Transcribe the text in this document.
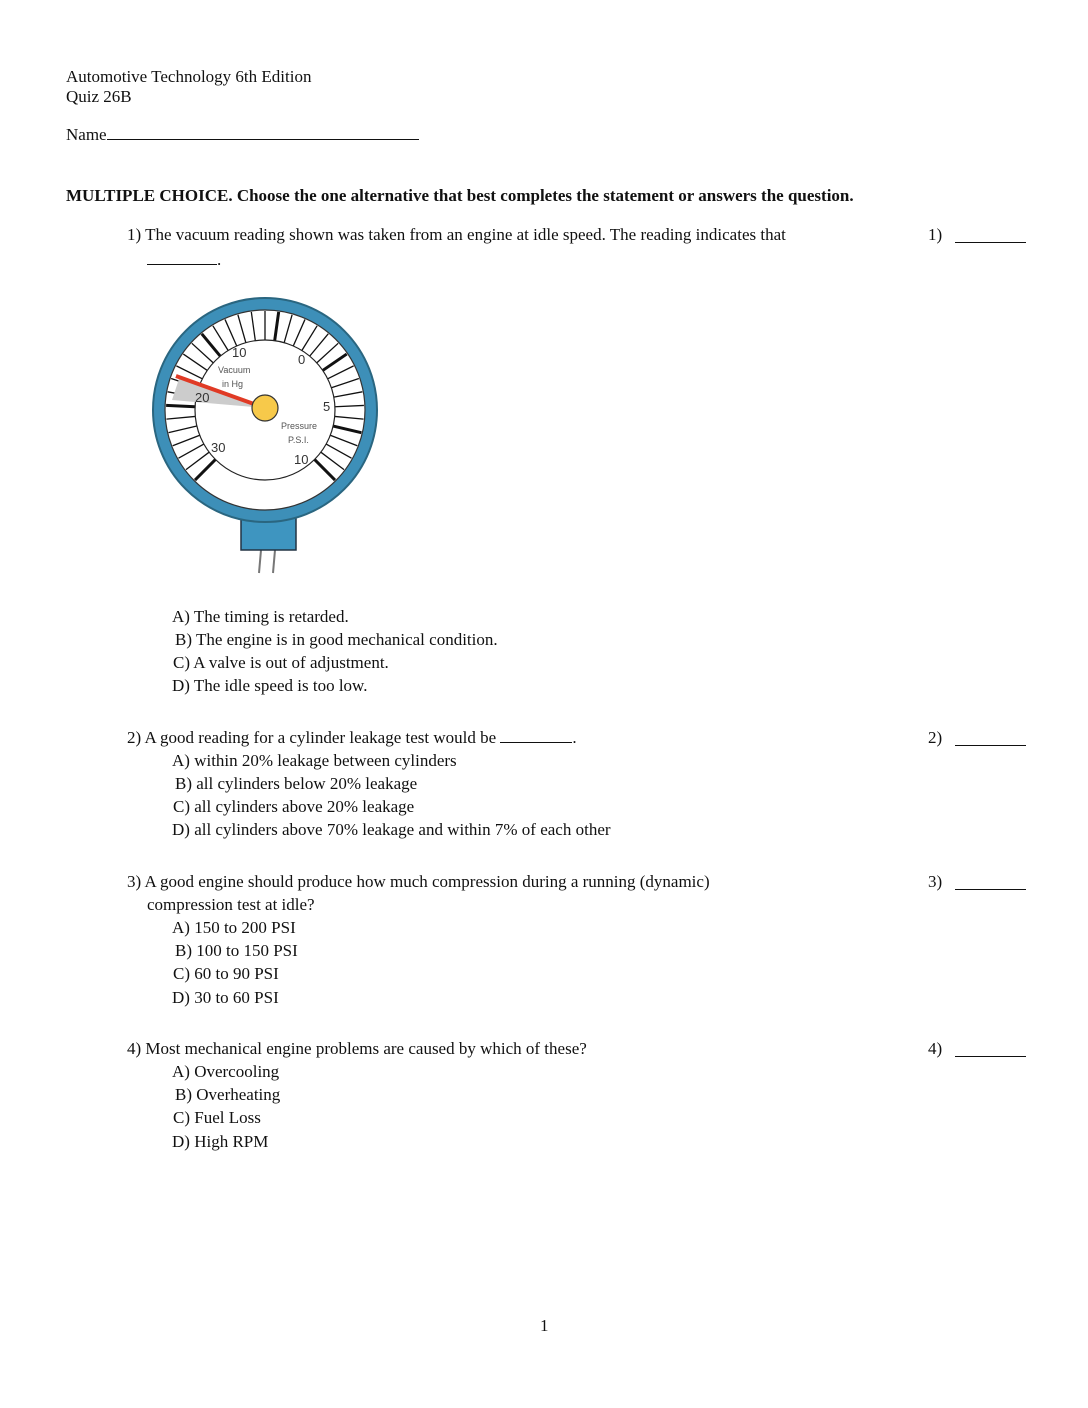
Automotive Technology 6th Edition
Quiz 26B
Name
MULTIPLE CHOICE. Choose the one alternative that best completes the statement or answers the question.
1) The vacuum reading shown was taken from an engine at idle speed. The reading indicates that
.
1)
10
20
30
0
5
10
Vacuum
in Hg
Pressure
P.S.I.
A) The timing is retarded.
B) The engine is in good mechanical condition.
C) A valve is out of adjustment.
D) The idle speed is too low.
2) A good reading for a cylinder leakage test would be	.	2)
A) within 20% leakage between cylinders
B) all cylinders below 20% leakage
C) all cylinders above 20% leakage
D) all cylinders above 70% leakage and within 7% of each other
3) A good engine should produce how much compression during a running (dynamic)
compression test at idle?
3)
A) 150 to 200 PSI
B) 100 to 150 PSI
C) 60 to 90 PSI
D) 30 to 60 PSI
4) Most mechanical engine problems are caused by which of these?	4)
A) Overcooling
B) Overheating
C) Fuel Loss
D) High RPM
1
